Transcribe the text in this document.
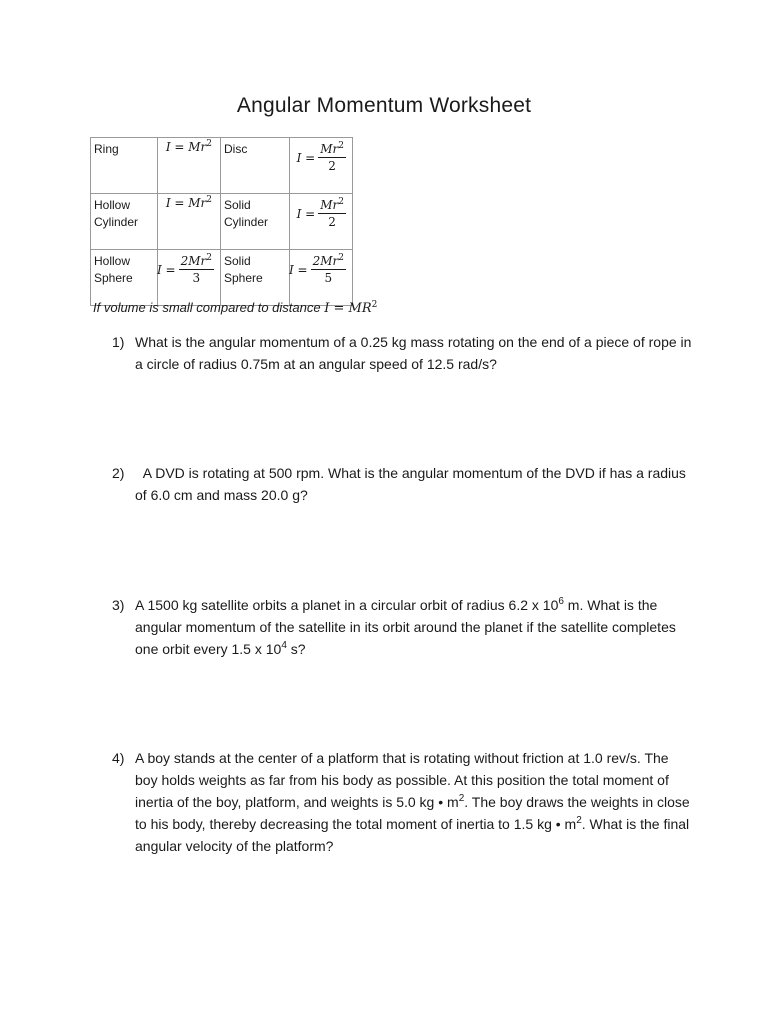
Angular Momentum Worksheet
Ring	$I = Mr^2$	Disc	$I = \frac{Mr^2}{2}$

Hollow Cylinder	$I = Mr^2$	Solid Cylinder	$I = \frac{Mr^2}{2}$

Hollow Sphere	$I = \frac{2Mr^2}{3}$	Solid Sphere	$I = \frac{2Mr^2}{5}$
If volume is small compared to distance $I = MR^2$
1) What is the angular momentum of a 0.25 kg mass rotating on the end of a piece of rope in a circle of radius 0.75m at an angular speed of 12.5 rad/s?
2)	A DVD is rotating at 500 rpm. What is the angular momentum of the DVD if has a radius of 6.0 cm and mass 20.0 g?
3) A 1500 kg satellite orbits a planet in a circular orbit of radius 6.2 x $10^6$ m. What is the angular momentum of the satellite in its orbit around the planet if the satellite completes one orbit every 1.5 x $10^4$ s?
4) A boy stands at the center of a platform that is rotating without friction at 1.0 rev/s. The boy holds weights as far from his body as possible. At this position the total moment of inertia of the boy, platform, and weights is 5.0 kg • $m^2$. The boy draws the weights in close to his body, thereby decreasing the total moment of inertia to 1.5 kg • $m^2$. What is the final angular velocity of the platform?
